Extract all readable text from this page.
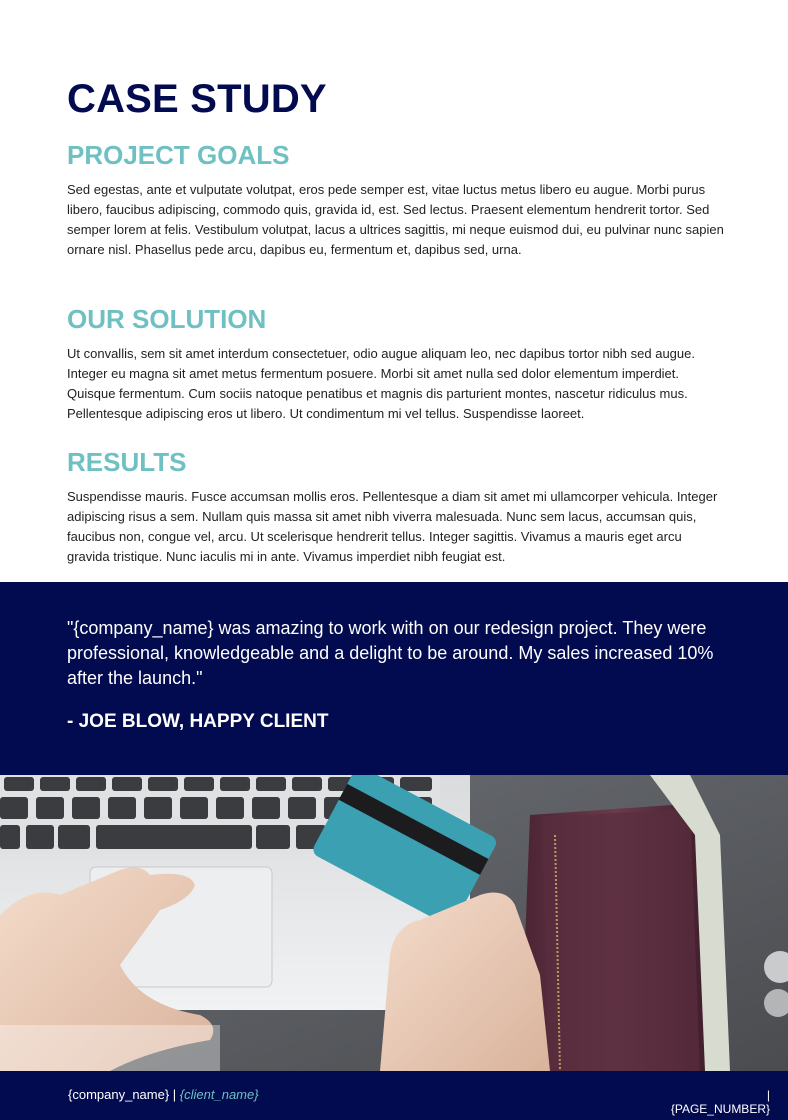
CASE STUDY
PROJECT GOALS

Sed egestas, ante et vulputate volutpat, eros pede semper est, vitae luctus metus libero eu augue. Morbi purus libero, faucibus adipiscing, commodo quis, gravida id, est. Sed lectus. Praesent elementum hendrerit tortor. Sed semper lorem at felis. Vestibulum volutpat, lacus a ultrices sagittis, mi neque euismod dui, eu pulvinar nunc sapien ornare nisl. Phasellus pede arcu, dapibus eu, fermentum et, dapibus sed, urna.

OUR SOLUTION

Ut convallis, sem sit amet interdum consectetuer, odio augue aliquam leo, nec dapibus tortor nibh sed augue. Integer eu magna sit amet metus fermentum posuere. Morbi sit amet nulla sed dolor elementum imperdiet. Quisque fermentum. Cum sociis natoque penatibus et magnis dis parturient montes, nascetur ridiculus mus. Pellentesque adipiscing eros ut libero. Ut condimentum mi vel tellus. Suspendisse laoreet.

RESULTS

Suspendisse mauris. Fusce accumsan mollis eros. Pellentesque a diam sit amet mi ullamcorper vehicula. Integer adipiscing risus a sem. Nullam quis massa sit amet nibh viverra malesuada. Nunc sem lacus, accumsan quis, faucibus non, congue vel, arcu. Ut scelerisque hendrerit tellus. Integer sagittis. Vivamus a mauris eget arcu gravida tristique. Nunc iaculis mi in ante. Vivamus imperdiet nibh feugiat est.

"{company_name} was amazing to work with on our redesign project. They were professional, knowledgeable and a delight to be around. My sales increased 10% after the launch."

- JOE BLOW, HAPPY CLIENT

{company_name} | {client_name}	|
{PAGE_NUMBER}
